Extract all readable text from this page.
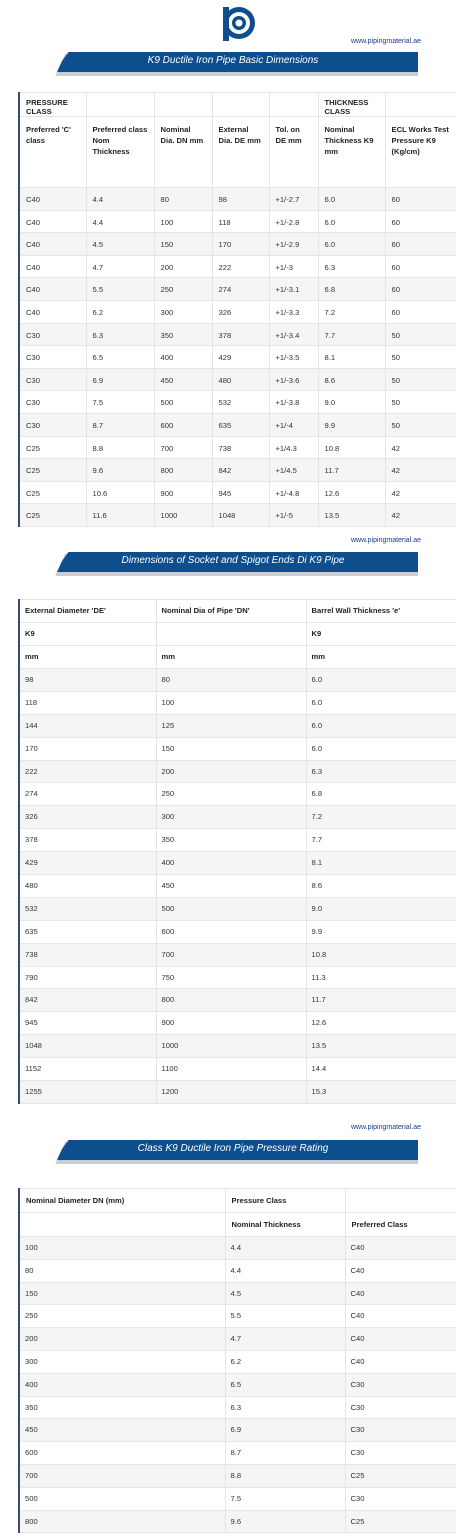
www.pipingmaterial.ae
K9 Ductile Iron Pipe Basic Dimensions
PRESSURE CLASS					THICKNESS CLASS	
Preferred 'C' class	Preferred class Nom Thickness	Nominal Dia. DN mm	External Dia. DE mm	Tol. on DE mm	Nominal Thickness K9 mm	ECL Works Test Pressure K9 (Kg/cm)
C40	4.4	80	98	+1/-2.7	6.0	60
C40	4.4	100	118	+1/-2.8	6.0	60
C40	4.5	150	170	+1/-2.9	6.0	60
C40	4.7	200	222	+1/-3	6.3	60
C40	5.5	250	274	+1/-3.1	6.8	60
C40	6.2	300	326	+1/-3.3	7.2	60
C30	6.3	350	378	+1/-3.4	7.7	50
C30	6.5	400	429	+1/-3.5	8.1	50
C30	6.9	450	480	+1/-3.6	8.6	50
C30	7.5	500	532	+1/-3.8	9.0	50
C30	8.7	600	635	+1/-4	9.9	50
C25	8.8	700	738	+1/4.3	10.8	42
C25	9.6	800	842	+1/4.5	11.7	42
C25	10.6	900	945	+1/-4.8	12.6	42
C25	11.6	1000	1048	+1/-5	13.5	42
www.pipingmaterial.ae
Dimensions of Socket and Spigot Ends Di K9 Pipe
External Diameter 'DE'	Nominal Dia of Pipe 'DN'	Barrel Wall Thickness 'e'
K9		K9
mm	mm	mm
98	80	6.0
118	100	6.0
144	125	6.0
170	150	6.0
222	200	6.3
274	250	6.8
326	300	7.2
378	350	7.7
429	400	8.1
480	450	8.6
532	500	9.0
635	600	9.9
738	700	10.8
790	750	11.3
842	800	11.7
945	900	12.6
1048	1000	13.5
1152	1100	14.4
1255	1200	15.3
www.pipingmaterial.ae
Class K9 Ductile Iron Pipe Pressure Rating
Nominal Diameter DN (mm)	Pressure Class	
	Nominal Thickness	Preferred Class
100	4.4	C40
80	4.4	C40
150	4.5	C40
250	5.5	C40
200	4.7	C40
300	6.2	C40
400	6.5	C30
350	6.3	C30
450	6.9	C30
600	8.7	C30
700	8.8	C25
500	7.5	C30
800	9.6	C25
